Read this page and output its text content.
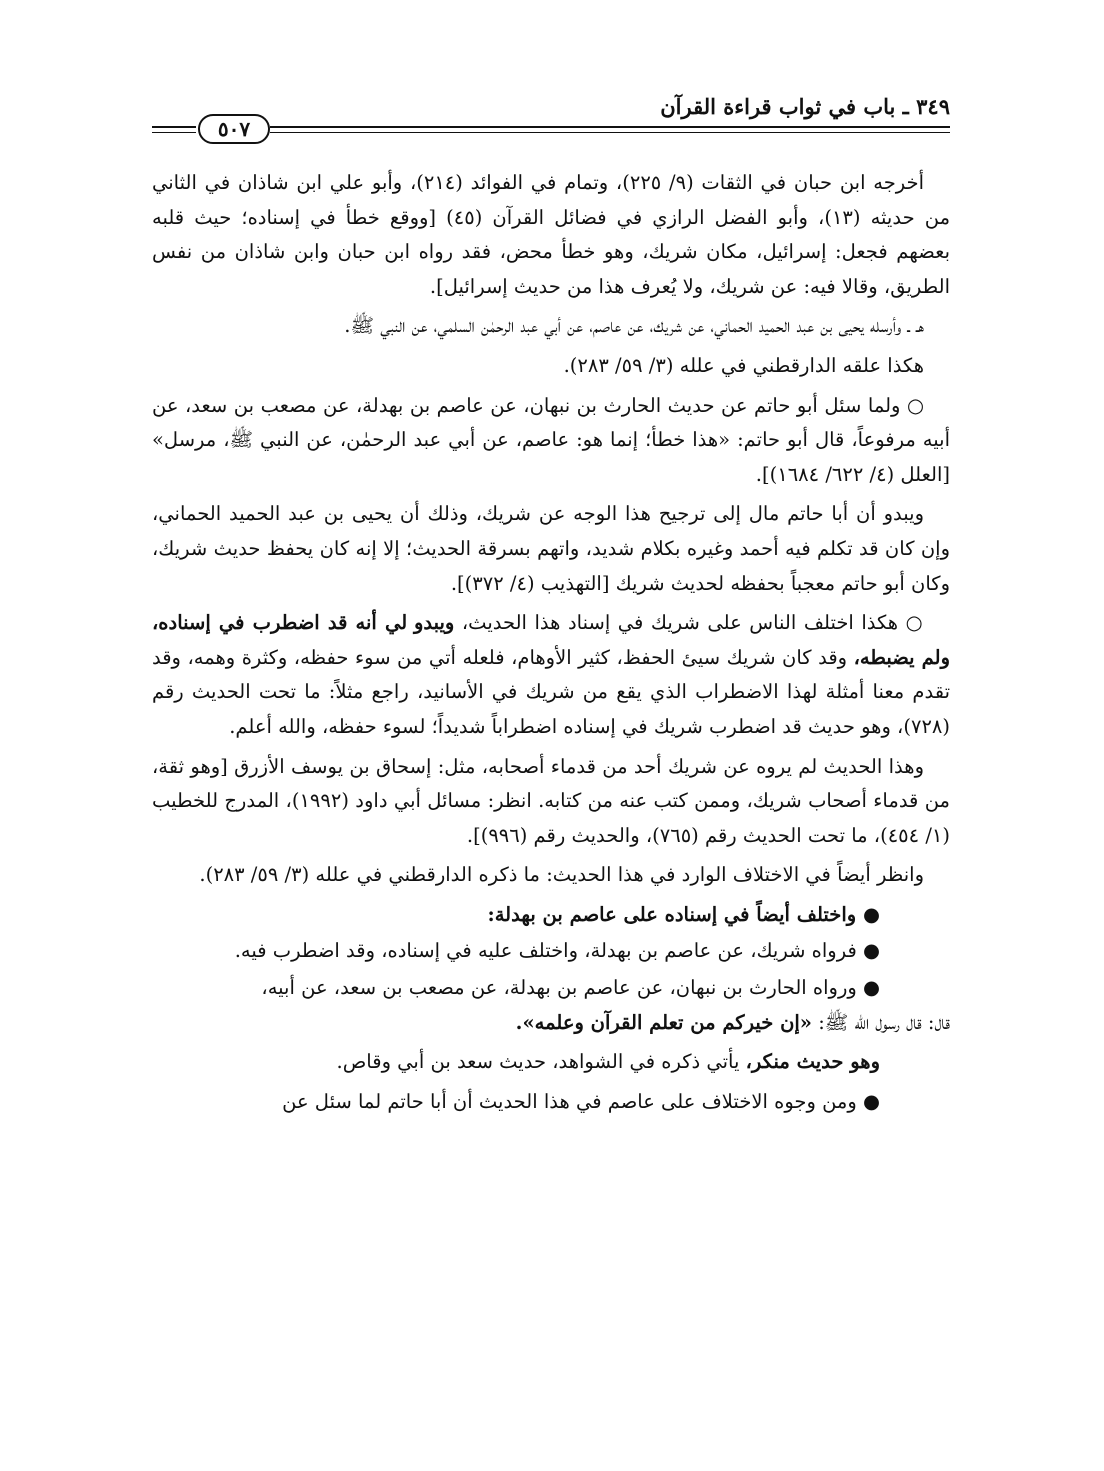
٣٤٩ ـ باب في ثواب قراءة القرآن
٥٠٧

أخرجه ابن حبان في الثقات (٩/ ٢٢٥)، وتمام في الفوائد (٢١٤)، وأبو علي ابن شاذان في الثاني من حديثه (١٣)، وأبو الفضل الرازي في فضائل القرآن (٤٥) [ووقع خطأ في إسناده؛ حيث قلبه بعضهم فجعل: إسرائيل، مكان شريك، وهو خطأ محض، فقد رواه ابن حبان وابن شاذان من نفس الطريق، وقالا فيه: عن شريك، ولا يُعرف هذا من حديث إسرائيل].

هـ ـ وأرسله يحيى بن عبد الحميد الحماني، عن شريك، عن عاصم، عن أبي عبد الرحمٰن السلمي، عن النبي ﷺ.

هكذا علقه الدارقطني في علله (٣/ ٥٩/ ٢٨٣).

○ ولما سئل أبو حاتم عن حديث الحارث بن نبهان، عن عاصم بن بهدلة، عن مصعب بن سعد، عن أبيه مرفوعاً، قال أبو حاتم: «هذا خطأ؛ إنما هو: عاصم، عن أبي عبد الرحمٰن، عن النبي ﷺ، مرسل» [العلل (٤/ ٦٢٢/ ١٦٨٤)].

ويبدو أن أبا حاتم مال إلى ترجيح هذا الوجه عن شريك، وذلك أن يحيى بن عبد الحميد الحماني، وإن كان قد تكلم فيه أحمد وغيره بكلام شديد، واتهم بسرقة الحديث؛ إلا إنه كان يحفظ حديث شريك، وكان أبو حاتم معجباً بحفظه لحديث شريك [التهذيب (٤/ ٣٧٢)].

○ هكذا اختلف الناس على شريك في إسناد هذا الحديث، ويبدو لي أنه قد اضطرب في إسناده، ولم يضبطه، وقد كان شريك سيئ الحفظ، كثير الأوهام، فلعله أتي من سوء حفظه، وكثرة وهمه، وقد تقدم معنا أمثلة لهذا الاضطراب الذي يقع من شريك في الأسانيد، راجع مثلاً: ما تحت الحديث رقم (٧٢٨)، وهو حديث قد اضطرب شريك في إسناده اضطراباً شديداً؛ لسوء حفظه، والله أعلم.

وهذا الحديث لم يروه عن شريك أحد من قدماء أصحابه، مثل: إسحاق بن يوسف الأزرق [وهو ثقة، من قدماء أصحاب شريك، وممن كتب عنه من كتابه. انظر: مسائل أبي داود (١٩٩٢)، المدرج للخطيب (١/ ٤٥٤)، ما تحت الحديث رقم (٧٦٥)، والحديث رقم (٩٩٦)].

وانظر أيضاً في الاختلاف الوارد في هذا الحديث: ما ذكره الدارقطني في علله (٣/ ٥٩/ ٢٨٣).

● واختلف أيضاً في إسناده على عاصم بن بهدلة:

● فرواه شريك، عن عاصم بن بهدلة، واختلف عليه في إسناده، وقد اضطرب فيه.

● ورواه الحارث بن نبهان، عن عاصم بن بهدلة، عن مصعب بن سعد، عن أبيه،

قال: قال رسول الله ﷺ: «إن خيركم من تعلم القرآن وعلمه».

وهو حديث منكر، يأتي ذكره في الشواهد، حديث سعد بن أبي وقاص.

● ومن وجوه الاختلاف على عاصم في هذا الحديث أن أبا حاتم لما سئل عن
